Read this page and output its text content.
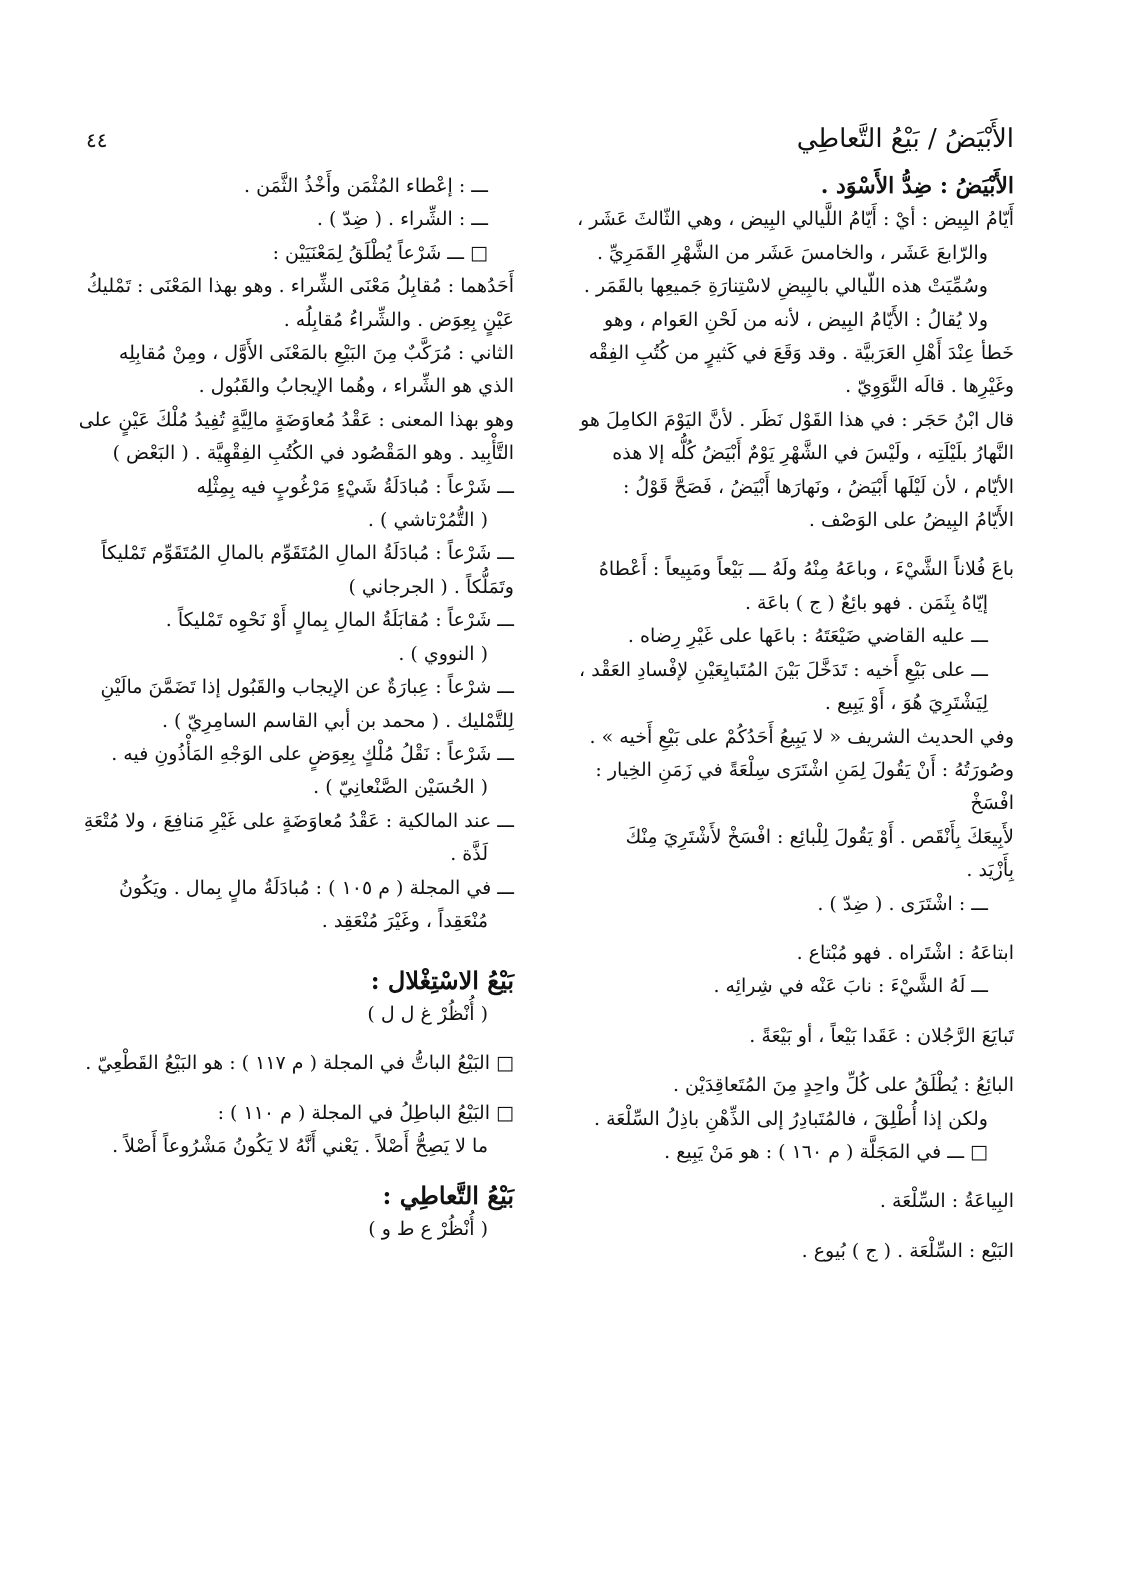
٤٤	الأَبْيَضُ / بَيْعُ التَّعاطِي

الأَبْيَضُ : ضِدُّ الأَسْوَد .

أَيّامُ البِيض : أيْ : أَيّامُ اللَّيالي البِيض ، وهي الثّالثَ عَشَر ،

والرّابعَ عَشَر ، والخامسَ عَشَر من الشَّهْرِ القَمَرِيِّ .

وسُمِّيَتْ هذه اللّيالي بالبِيضِ لاسْتِنارَةِ جَميعِها بالقَمَر .

ولا يُقالُ : الأَيّامُ البِيض ، لأنه من لَحْنِ العَوام ، وهو

خَطأ عِنْدَ أَهْلِ العَرَبيَّة . وقد وَقَعَ في كَثيرٍ من كُتُبِ الفِقْه

وغَيْرِها . قالَه النَّوَوِيّ .

قال ابْنُ حَجَر : في هذا القَوْل نَظَر . لأنَّ اليَوْمَ الكامِلَ هو

النَّهارُ بلَيْلَتِه ، ولَيْسَ في الشَّهْرِ يَوْمٌ أَبْيَضُ كُلُّه إلا هذه

الأيّام ، لأن لَيْلَها أَبْيَضُ ، ونَهارَها أَبْيَضُ ، فَصَحَّ قَوْلُ :

الأَيّامُ البِيضُ على الوَصْف .

باعَ فُلاناً الشَّيْءَ ، وباعَهُ مِنْهُ ولَهُ ـــ بَيْعاً ومَبِيعاً : أَعْطاهُ

إيّاهُ بِثَمَن . فهو بائِعٌ ( ج ) باعَة .

ـــ عليه القاضي ضَيْعَتَهُ : باعَها على غَيْرِ رِضاه .

ـــ على بَيْعِ أَخيه : تَدَخَّلَ بَيْنَ المُتَبايِعَيْنِ لإفْسادِ العَقْد ،

لِيَشْتَرِيَ هُوَ ، أَوْ يَبِيع .

وفي الحديث الشريف « لا يَبِيعُ أَحَدُكُمْ على بَيْعِ أَخيه » .

وصُورَتُهُ : أَنْ يَقُولَ لِمَنِ اشْتَرَى سِلْعَةً في زَمَنِ الخِيار : افْسَخْ

لأَبِيعَكَ بِأَنْقَص . أَوْ يَقُولَ لِلْبائِع : افْسَخْ لأَشْتَرِيَ مِنْكَ

بِأَزْيَد .

ـــ : اشْتَرَى . ( ضِدّ ) .

ابتاعَهُ : اشْتَراه . فهو مُبْتاع .

ـــ لَهُ الشَّيْءَ : نابَ عَنْه في شِرائِه .

تَبايَعَ الرَّجُلان : عَقَدا بَيْعاً ، أو بَيْعَةً .

البائِعُ : يُطْلَقُ على كُلِّ واحِدٍ مِنَ المُتَعاقِدَيْن .

ولكن إذا أُطْلِقَ ، فالمُتَبادِرُ إلى الذِّهْنِ باذِلُ السِّلْعَة .

□ ـــ في المَجَلَّة ( م ١٦٠ ) : هو مَنْ يَبِيع .

البِياعَةُ : السِّلْعَة .

البَيْع : السِّلْعَة . ( ج ) بُيوع .

ـــ : إعْطاء المُثْمَن وأَخْذُ الثَّمَن .

ـــ : الشِّراء . ( ضِدّ ) .

□ ـــ شَرْعاً يُطْلَقُ لِمَعْنَيَيْن :

أَحَدُهما : مُقابِلُ مَعْنَى الشِّراء . وهو بهذا المَعْنَى : تَمْليكُ

عَيْنٍ بِعِوَض . والشِّراءُ مُقابِلُه .

الثاني : مُرَكَّبٌ مِنَ البَيْعِ بالمَعْنَى الأَوَّل ، ومِنْ مُقابِلِه

الذي هو الشِّراء ، وهُما الإيجابُ والقَبُول .

وهو بهذا المعنى : عَقْدُ مُعاوَضَةٍ مالِيَّةٍ تُفِيدُ مُلْكَ عَيْنٍ على

التَّأْبِيد . وهو المَقْصُود في الكُتُبِ الفِقْهِيَّة . ( البَعْض )

ـــ شَرْعاً : مُبادَلَةُ شَيْءٍ مَرْغُوبٍ فيه بِمِثْلِه

( التُّمُرْتاشي ) .

ـــ شَرْعاً : مُبادَلَةُ المالِ المُتَقَوِّم بالمالِ المُتَقَوِّم تَمْليكاً

وتَمَلُّكاً . ( الجرجاني )

ـــ شَرْعاً : مُقابَلَةُ المالِ بِمالٍ أَوْ نَحْوِه تَمْليكاً .

( النووي ) .

ـــ شرْعاً : عِبارَةٌ عن الإيجاب والقَبُول إذا تَضَمَّنَ مالَيْنِ

لِلتَّمْليك . ( محمد بن أبي القاسم السامِرِيّ ) .

ـــ شَرْعاً : نَقْلُ مُلْكٍ بِعِوَضٍ على الوَجْهِ المَأْذُونِ فيه .

( الحُسَيْن الصَّنْعانِيّ ) .

ـــ عند المالكية : عَقْدُ مُعاوَضَةٍ على غَيْرِ مَنافِعَ ، ولا مُتْعَةِ

لَذَّة .

ـــ في المجلة ( م ١٠٥ ) : مُبادَلَةُ مالٍ بِمال . ويَكُونُ

مُنْعَقِداً ، وغَيْرَ مُنْعَقِد .

بَيْعُ الاسْتِغْلال :

( أُنْظُرْ غ ل ل )

□ البَيْعُ الباتُّ في المجلة ( م ١١٧ ) : هو البَيْعُ القَطْعِيّ .

□ البَيْعُ الباطِلُ في المجلة ( م ١١٠ ) :

ما لا يَصِحُّ أَصْلاً . يَعْني أَنَّهُ لا يَكُونُ مَشْرُوعاً أَصْلاً .

بَيْعُ التَّعاطِي :

( أُنْظُرْ ع ط و )
